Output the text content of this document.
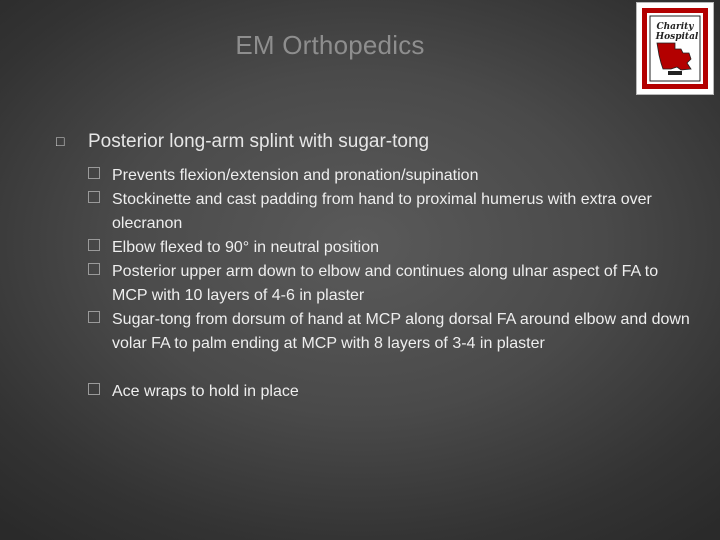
EM Orthopedics
Charity
Hospital
□ Posterior long-arm splint with sugar-tong
Prevents flexion/extension and pronation/supination
Stockinette and cast padding from hand to proximal humerus with extra over olecranon
Elbow flexed to 90° in neutral position
Posterior upper arm down to elbow and continues along ulnar aspect of FA to MCP with 10 layers of 4-6 in plaster
Sugar-tong from dorsum of hand at MCP along dorsal FA around elbow and down volar FA to palm ending at MCP with 8 layers of 3-4 in plaster
Ace wraps to hold in place
